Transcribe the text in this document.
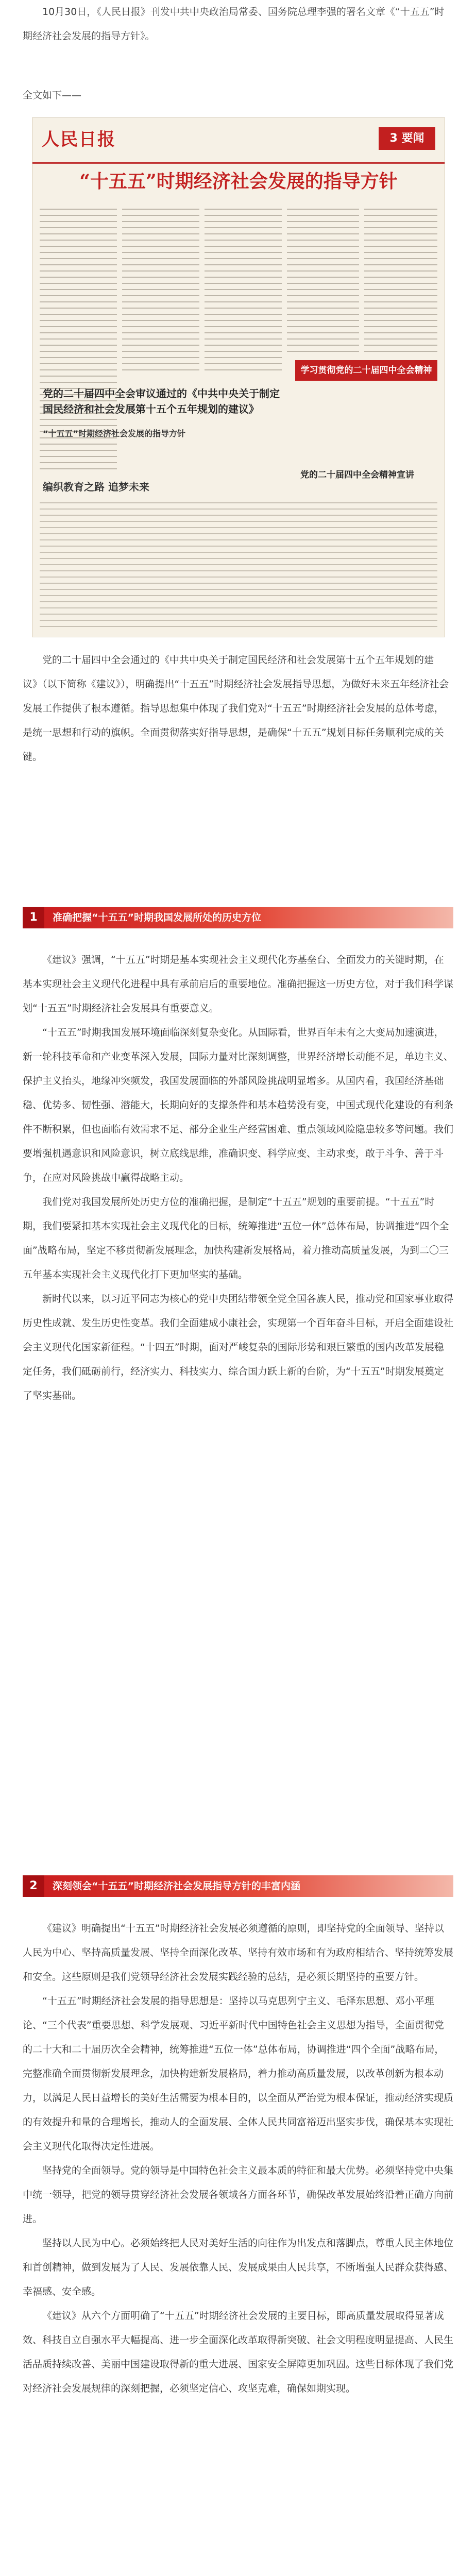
10月30日，《人民日报》刊发中共中央政治局常委、国务院总理李强的署名文章《“十五五”时期经济社会发展的指导方针》。

全文如下——
人民日报	3 要闻
“十五五”时期经济社会发展的指导方针
党的二十届四中全会审议通过的《中共中央关于制定国民经济和社会发展第十五个五年规划的建议》
学习贯彻党的二十届四中全会精神
“十五五”时期经济社会发展的指导方针
党的二十届四中全会精神宣讲
编织教育之路 追梦未来

党的二十届四中全会通过的《中共中央关于制定国民经济和社会发展第十五个五年规划的建议》（以下简称《建议》），明确提出“十五五”时期经济社会发展指导思想，为做好未来五年经济社会发展工作提供了根本遵循。指导思想集中体现了我们党对“十五五”时期经济社会发展的总体考虑，是统一思想和行动的旗帜。全面贯彻落实好指导思想，是确保“十五五”规划目标任务顺利完成的关键。

1	准确把握“十五五”时期我国发展所处的历史方位

《建议》强调，“十五五”时期是基本实现社会主义现代化夯基垒台、全面发力的关键时期，在基本实现社会主义现代化进程中具有承前启后的重要地位。准确把握这一历史方位，对于我们科学谋划“十五五”时期经济社会发展具有重要意义。

“十五五”时期我国发展环境面临深刻复杂变化。从国际看，世界百年未有之大变局加速演进，新一轮科技革命和产业变革深入发展，国际力量对比深刻调整，世界经济增长动能不足，单边主义、保护主义抬头，地缘冲突频发，我国发展面临的外部风险挑战明显增多。从国内看，我国经济基础稳、优势多、韧性强、潜能大，长期向好的支撑条件和基本趋势没有变，中国式现代化建设的有利条件不断积累，但也面临有效需求不足、部分企业生产经营困难、重点领域风险隐患较多等问题。我们要增强机遇意识和风险意识，树立底线思维，准确识变、科学应变、主动求变，敢于斗争、善于斗争，在应对风险挑战中赢得战略主动。

我们党对我国发展所处历史方位的准确把握，是制定“十五五”规划的重要前提。“十五五”时期，我们要紧扣基本实现社会主义现代化的目标，统筹推进“五位一体”总体布局，协调推进“四个全面”战略布局，坚定不移贯彻新发展理念，加快构建新发展格局，着力推动高质量发展，为到二〇三五年基本实现社会主义现代化打下更加坚实的基础。

新时代以来，以习近平同志为核心的党中央团结带领全党全国各族人民，推动党和国家事业取得历史性成就、发生历史性变革。我们全面建成小康社会，实现第一个百年奋斗目标，开启全面建设社会主义现代化国家新征程。“十四五”时期，面对严峻复杂的国际形势和艰巨繁重的国内改革发展稳定任务，我们砥砺前行，经济实力、科技实力、综合国力跃上新的台阶，为“十五五”时期发展奠定了坚实基础。

2	深刻领会“十五五”时期经济社会发展指导方针的丰富内涵

《建议》明确提出“十五五”时期经济社会发展必须遵循的原则，即坚持党的全面领导、坚持以人民为中心、坚持高质量发展、坚持全面深化改革、坚持有效市场和有为政府相结合、坚持统筹发展和安全。这些原则是我们党领导经济社会发展实践经验的总结，是必须长期坚持的重要方针。

“十五五”时期经济社会发展的指导思想是：坚持以马克思列宁主义、毛泽东思想、邓小平理论、“三个代表”重要思想、科学发展观、习近平新时代中国特色社会主义思想为指导，全面贯彻党的二十大和二十届历次全会精神，统筹推进“五位一体”总体布局，协调推进“四个全面”战略布局，完整准确全面贯彻新发展理念，加快构建新发展格局，着力推动高质量发展，以改革创新为根本动力，以满足人民日益增长的美好生活需要为根本目的，以全面从严治党为根本保证，推动经济实现质的有效提升和量的合理增长，推动人的全面发展、全体人民共同富裕迈出坚实步伐，确保基本实现社会主义现代化取得决定性进展。

坚持党的全面领导。党的领导是中国特色社会主义最本质的特征和最大优势。必须坚持党中央集中统一领导，把党的领导贯穿经济社会发展各领域各方面各环节，确保改革发展始终沿着正确方向前进。

坚持以人民为中心。必须始终把人民对美好生活的向往作为出发点和落脚点，尊重人民主体地位和首创精神，做到发展为了人民、发展依靠人民、发展成果由人民共享，不断增强人民群众获得感、幸福感、安全感。

《建议》从六个方面明确了“十五五”时期经济社会发展的主要目标，即高质量发展取得显著成效、科技自立自强水平大幅提高、进一步全面深化改革取得新突破、社会文明程度明显提高、人民生活品质持续改善、美丽中国建设取得新的重大进展、国家安全屏障更加巩固。这些目标体现了我们党对经济社会发展规律的深刻把握，必须坚定信心、攻坚克难，确保如期实现。
